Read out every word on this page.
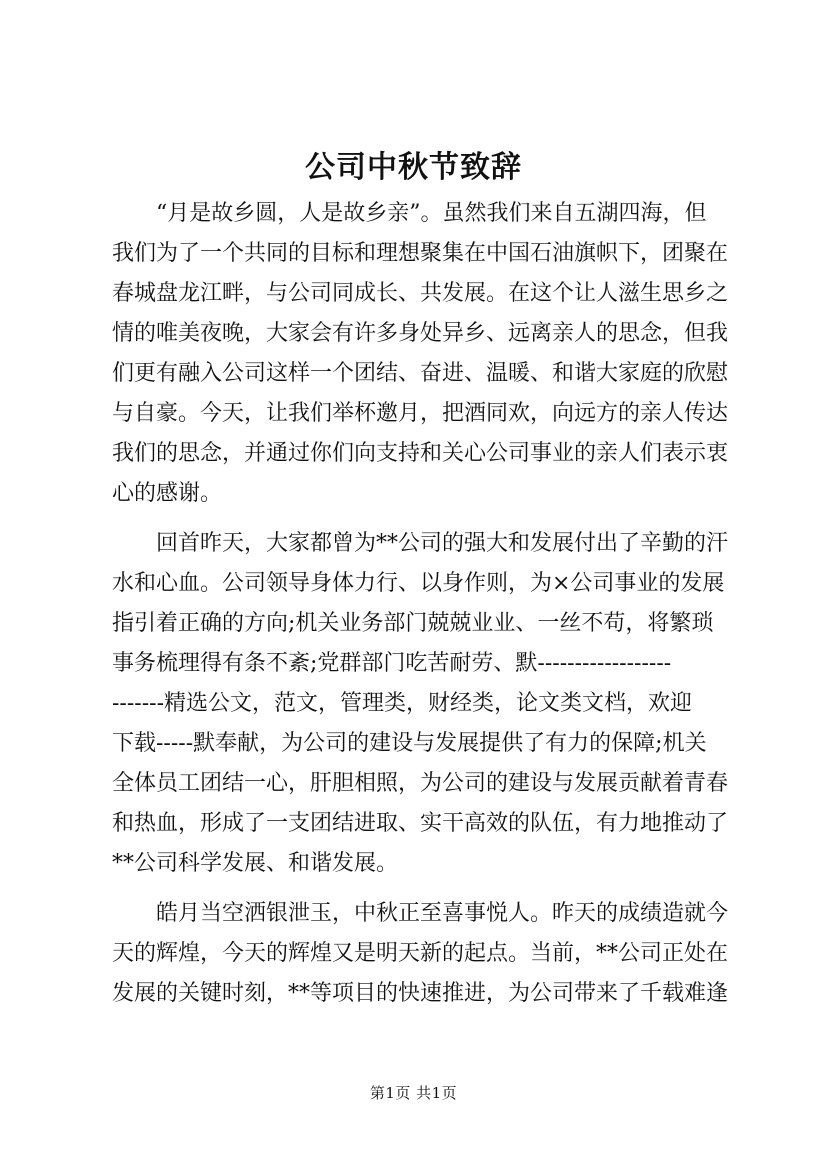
公司中秋节致辞
“月是故乡圆，人是故乡亲”。虽然我们来自五湖四海，但
我们为了一个共同的目标和理想聚集在中国石油旗帜下，团聚在
春城盘龙江畔，与公司同成长、共发展。在这个让人滋生思乡之
情的唯美夜晚，大家会有许多身处异乡、远离亲人的思念，但我
们更有融入公司这样一个团结、奋进、温暖、和谐大家庭的欣慰
与自豪。今天，让我们举杯邀月，把酒同欢，向远方的亲人传达
我们的思念，并通过你们向支持和关心公司事业的亲人们表示衷
心的感谢。
回首昨天，大家都曾为**公司的强大和发展付出了辛勤的汗
水和心血。公司领导身体力行、以身作则，为×公司事业的发展
指引着正确的方向;机关业务部门兢兢业业、一丝不苟，将繁琐
事务梳理得有条不紊;党群部门吃苦耐劳、默------------------
-------精选公文，范文，管理类，财经类，论文类文档，欢迎
下载-----默奉献，为公司的建设与发展提供了有力的保障;机关
全体员工团结一心，肝胆相照，为公司的建设与发展贡献着青春
和热血，形成了一支团结进取、实干高效的队伍，有力地推动了
**公司科学发展、和谐发展。
皓月当空洒银泄玉，中秋正至喜事悦人。昨天的成绩造就今
天的辉煌，今天的辉煌又是明天新的起点。当前，**公司正处在
发展的关键时刻，**等项目的快速推进，为公司带来了千载难逢
第1页 共1页
